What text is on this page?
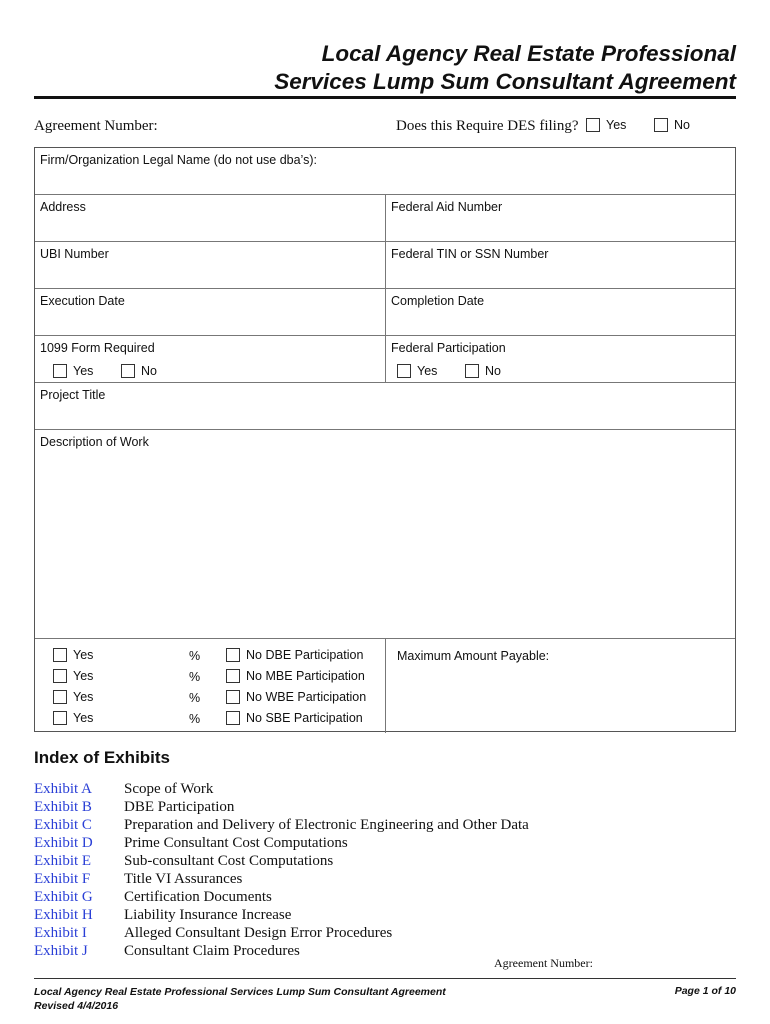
Local Agency Real Estate Professional
Services Lump Sum Consultant Agreement
Agreement Number:	Does this Require DES filing?	Yes	No
Firm/Organization Legal Name (do not use dba’s):
Address	Federal Aid Number
UBI Number	Federal TIN or SSN Number
Execution Date	Completion Date
1099 Form Required
Yes	No
Federal Participation
Yes	No
Project Title
Description of Work
Yes	%	No DBE Participation
Yes	%	No MBE Participation
Yes	%	No WBE Participation
Yes	%	No SBE Participation
Maximum Amount Payable:
Index of Exhibits
Exhibit A Scope of Work
Exhibit B DBE Participation
Exhibit C Preparation and Delivery of Electronic Engineering and Other Data
Exhibit D Prime Consultant Cost Computations
Exhibit E Sub-consultant Cost Computations
Exhibit F Title VI Assurances
Exhibit G Certification Documents
Exhibit H Liability Insurance Increase
Exhibit I Alleged Consultant Design Error Procedures
Exhibit J Consultant Claim Procedures
Agreement Number:
Local Agency Real Estate Professional Services Lump Sum Consultant Agreement
Revised 4/4/2016
Page 1 of 10
